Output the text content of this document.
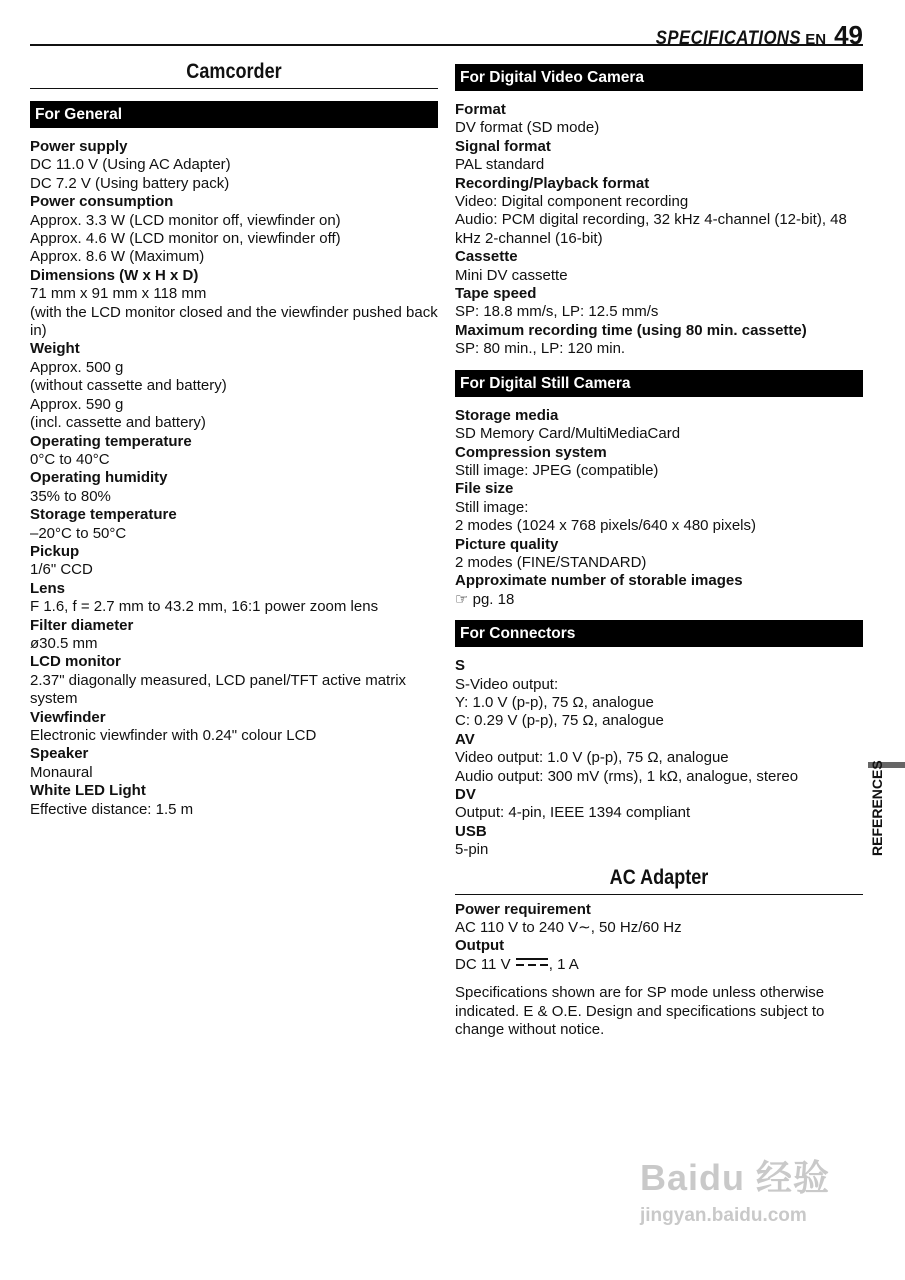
SPECIFICATIONS EN 49
Camcorder
For General
Power supply
DC 11.0 V (Using AC Adapter)
DC 7.2 V (Using battery pack)
Power consumption
Approx. 3.3 W (LCD monitor off, viewfinder on)
Approx. 4.6 W (LCD monitor on, viewfinder off)
Approx. 8.6 W (Maximum)
Dimensions (W x H x D)
71 mm x 91 mm x 118 mm
(with the LCD monitor closed and the viewfinder pushed back in)
Weight
Approx. 500 g
(without cassette and battery)
Approx. 590 g
(incl. cassette and battery)
Operating temperature
0°C to 40°C
Operating humidity
35% to 80%
Storage temperature
–20°C to 50°C
Pickup
1/6" CCD
Lens
F 1.6, f = 2.7 mm to 43.2 mm, 16:1 power zoom lens
Filter diameter
ø30.5 mm
LCD monitor
2.37" diagonally measured, LCD panel/TFT active matrix system
Viewfinder
Electronic viewfinder with 0.24" colour LCD
Speaker
Monaural
White LED Light
Effective distance: 1.5 m
For Digital Video Camera
Format
DV format (SD mode)
Signal format
PAL standard
Recording/Playback format
Video: Digital component recording
Audio: PCM digital recording, 32 kHz 4-channel (12-bit), 48 kHz 2-channel (16-bit)
Cassette
Mini DV cassette
Tape speed
SP: 18.8 mm/s, LP: 12.5 mm/s
Maximum recording time (using 80 min. cassette)
SP: 80 min., LP: 120 min.
For Digital Still Camera
Storage media
SD Memory Card/MultiMediaCard
Compression system
Still image: JPEG (compatible)
File size
Still image:
2 modes (1024 x 768 pixels/640 x 480 pixels)
Picture quality
2 modes (FINE/STANDARD)
Approximate number of storable images
☞ pg. 18
For Connectors
S
S-Video output:
Y: 1.0 V (p-p), 75 Ω, analogue
C: 0.29 V (p-p), 75 Ω, analogue
AV
Video output: 1.0 V (p-p), 75 Ω, analogue
Audio output: 300 mV (rms), 1 kΩ, analogue, stereo
DV
Output: 4-pin, IEEE 1394 compliant
USB
5-pin
AC Adapter
Power requirement
AC 110 V to 240 V∼, 50 Hz/60 Hz
Output
DC 11 V	, 1 A
Specifications shown are for SP mode unless otherwise indicated. E & O.E. Design and specifications subject to change without notice.
REFERENCES
Baidu 经验
jingyan.baidu.com
